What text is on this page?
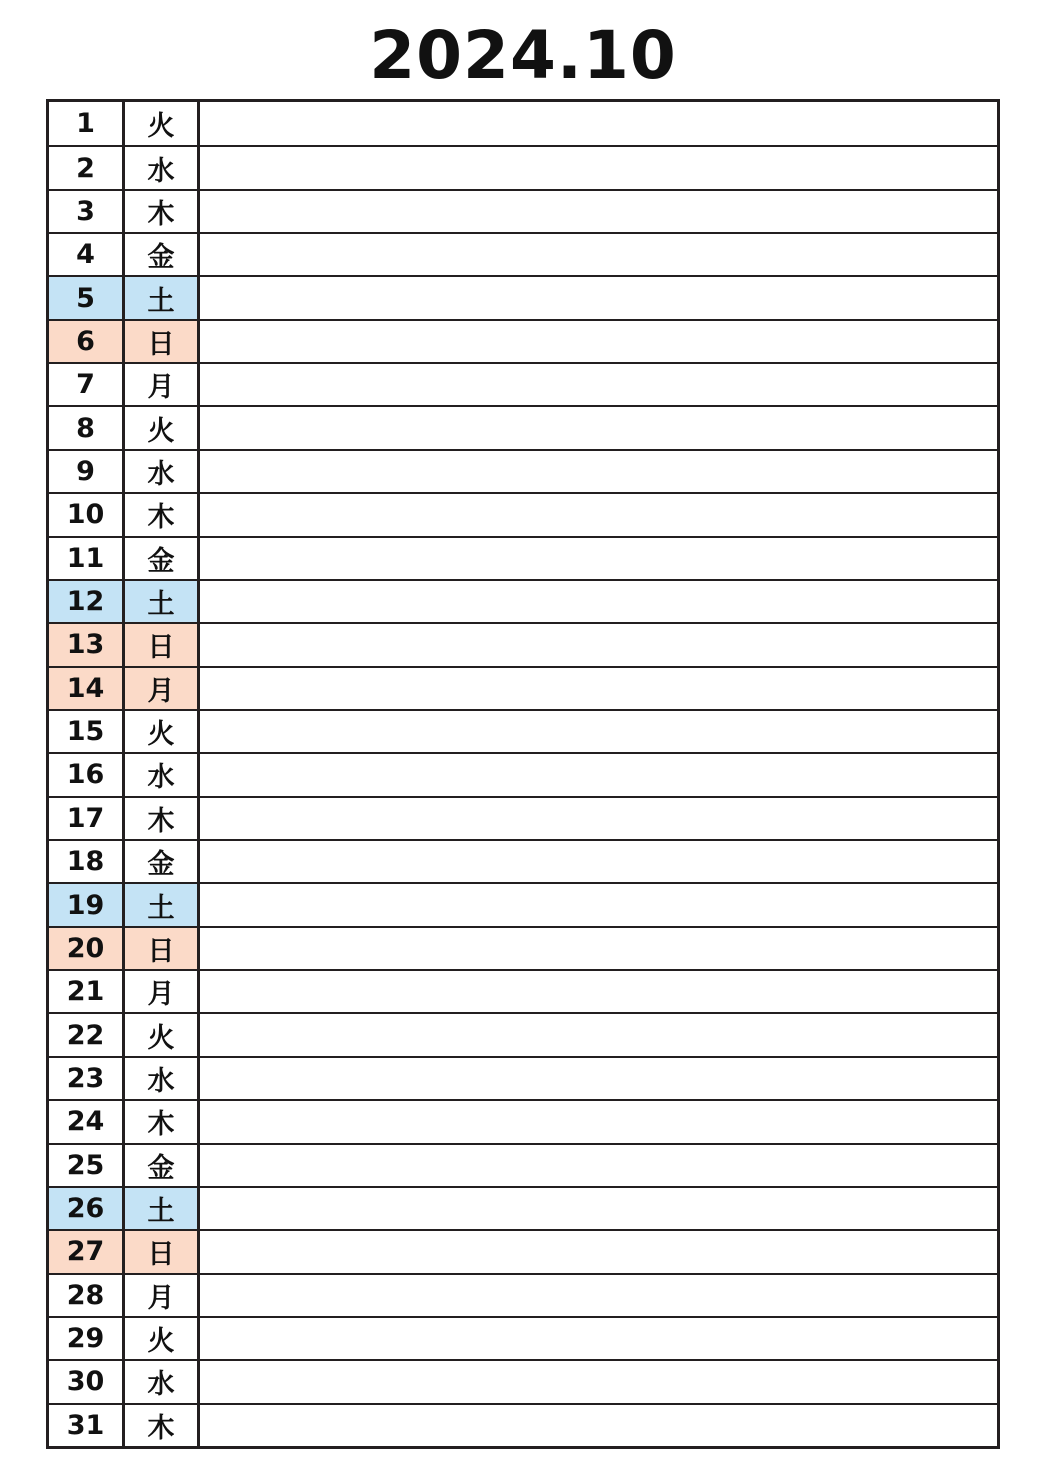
2024.10
1	火
2	水
3	木
4	金
5	土
6	日
7	月
8	火
9	水
10	木
11	金
12	土
13	日
14	月
15	火
16	水
17	木
18	金
19	土
20	日
21	月
22	火
23	水
24	木
25	金
26	土
27	日
28	月
29	火
30	水
31	木
